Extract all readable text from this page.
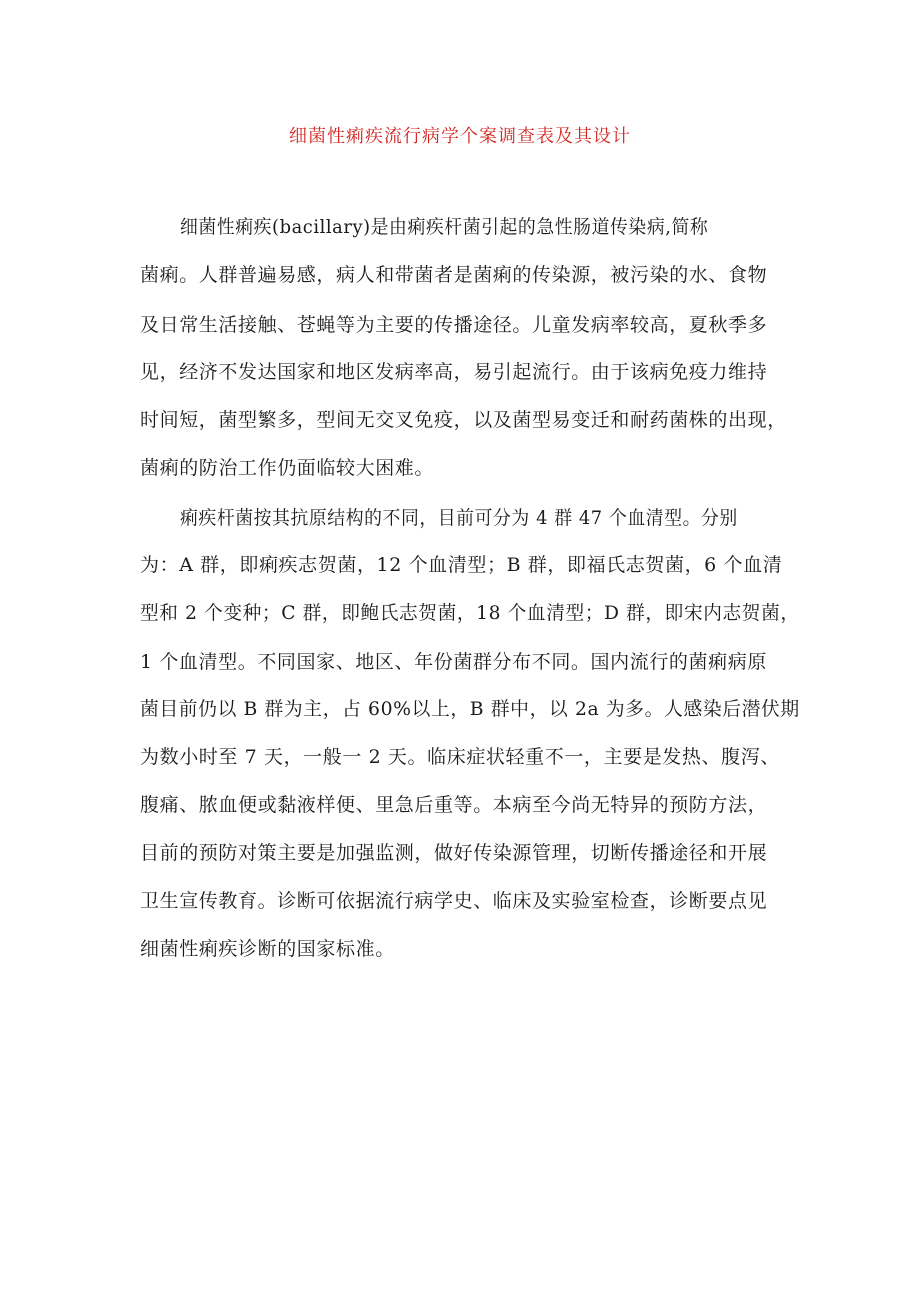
细菌性痢疾流行病学个案调查表及其设计
细菌性痢疾(bacillary)是由痢疾杆菌引起的急性肠道传染病,简称
菌痢。人群普遍易感，病人和带菌者是菌痢的传染源，被污染的水、食物
及日常生活接触、苍蝇等为主要的传播途径。儿童发病率较高，夏秋季多
见，经济不发达国家和地区发病率高，易引起流行。由于该病免疫力维持
时间短，菌型繁多，型间无交叉免疫，以及菌型易变迁和耐药菌株的出现，
菌痢的防治工作仍面临较大困难。
痢疾杆菌按其抗原结构的不同，目前可分为 4 群 47 个血清型。分别
为：A 群，即痢疾志贺菌，12 个血清型；B 群，即福氏志贺菌，6 个血清
型和 2 个变种；C 群，即鲍氏志贺菌，18 个血清型；D 群，即宋内志贺菌，
1 个血清型。不同国家、地区、年份菌群分布不同。国内流行的菌痢病原
菌目前仍以 B 群为主，占 60%以上，B 群中，以 2a 为多。人感染后潜伏期
为数小时至 7 天，一般一 2 天。临床症状轻重不一，主要是发热、腹泻、
腹痛、脓血便或黏液样便、里急后重等。本病至今尚无特异的预防方法，
目前的预防对策主要是加强监测，做好传染源管理，切断传播途径和开展
卫生宣传教育。诊断可依据流行病学史、临床及实验室检查，诊断要点见
细菌性痢疾诊断的国家标准。
